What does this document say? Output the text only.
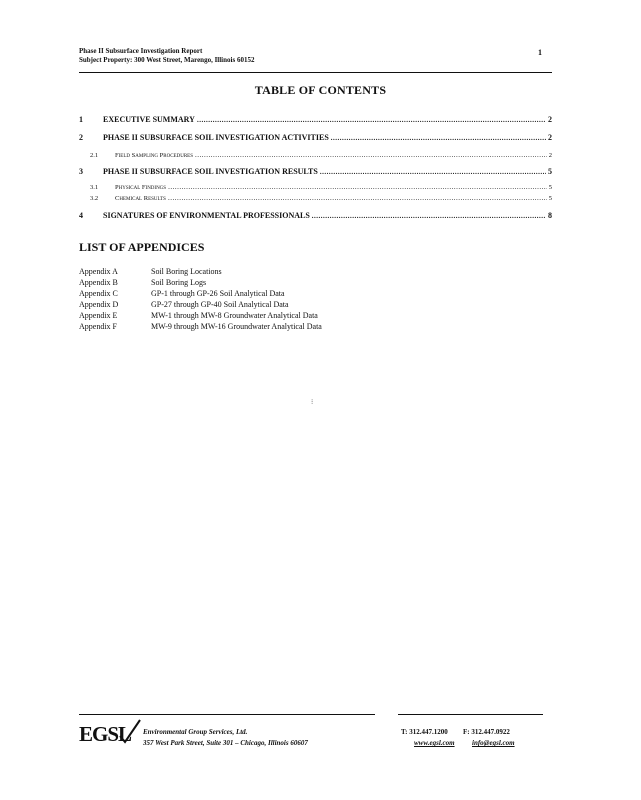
Phase II Subsurface Investigation Report
Subject Property: 300 West Street, Marengo, Illinois 60152
1
TABLE OF CONTENTS
1	EXECUTIVE SUMMARY .....	2
2	PHASE II SUBSURFACE SOIL INVESTIGATION ACTIVITIES .....	2
2.1	Field Sampling Procedures .....	2
3	PHASE II SUBSURFACE SOIL INVESTIGATION RESULTS .....	5
3.1	Physical Findings .....	5
3.2	Chemical Results .....	5
4	SIGNATURES OF ENVIRONMENTAL PROFESSIONALS .....	8
LIST OF APPENDICES
Appendix A	Soil Boring Locations
Appendix B	Soil Boring Logs
Appendix C	GP-1 through GP-26 Soil Analytical Data
Appendix D	GP-27 through GP-40 Soil Analytical Data
Appendix E	MW-1 through MW-8 Groundwater Analytical Data
Appendix F	MW-9 through MW-16 Groundwater Analytical Data
⁝
EGSL Environmental Group Services, Ltd.
357 West Park Street, Suite 301 – Chicago, Illinois 60607
T: 312.447.1200 F: 312.447.0922
www.egsl.com info@egsl.com
